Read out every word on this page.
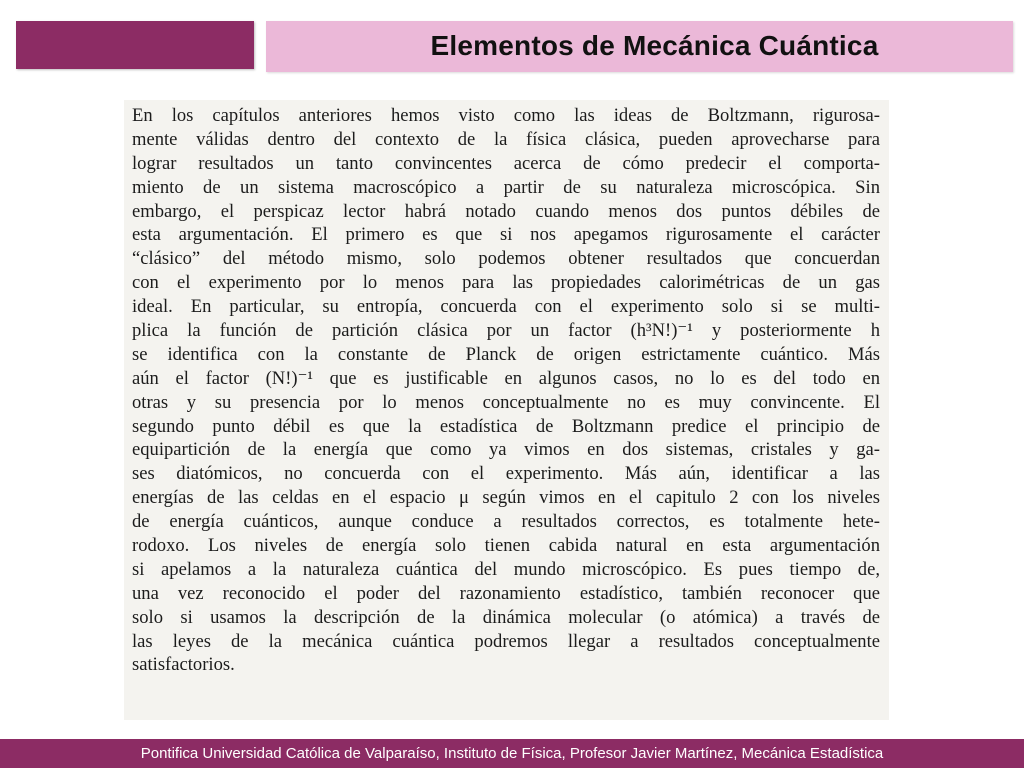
Elementos de Mecánica Cuántica
En los capítulos anteriores hemos visto como las ideas de Boltzmann, rigurosa-
mente válidas dentro del contexto de la física clásica, pueden aprovecharse para
lograr resultados un tanto convincentes acerca de cómo predecir el comporta-
miento de un sistema macroscópico a partir de su naturaleza microscópica. Sin
embargo, el perspicaz lector habrá notado cuando menos dos puntos débiles de
esta argumentación. El primero es que si nos apegamos rigurosamente el carácter
“clásico” del método mismo, solo podemos obtener resultados que concuerdan
con el experimento por lo menos para las propiedades calorimétricas de un gas
ideal. En particular, su entropía, concuerda con el experimento solo si se multi-
plica la función de partición clásica por un factor (h³N!)⁻¹ y posteriormente h
se identifica con la constante de Planck de origen estrictamente cuántico. Más
aún el factor (N!)⁻¹ que es justificable en algunos casos, no lo es del todo en
otras y su presencia por lo menos conceptualmente no es muy convincente. El
segundo punto débil es que la estadística de Boltzmann predice el principio de
equipartición de la energía que como ya vimos en dos sistemas, cristales y ga-
ses diatómicos, no concuerda con el experimento. Más aún, identificar a las
energías de las celdas en el espacio μ según vimos en el capitulo 2 con los niveles
de energía cuánticos, aunque conduce a resultados correctos, es totalmente hete-
rodoxo. Los niveles de energía solo tienen cabida natural en esta argumentación
si apelamos a la naturaleza cuántica del mundo microscópico. Es pues tiempo de,
una vez reconocido el poder del razonamiento estadístico, también reconocer que
solo si usamos la descripción de la dinámica molecular (o atómica) a través de
las leyes de la mecánica cuántica podremos llegar a resultados conceptualmente
satisfactorios.
Pontifica Universidad Católica de Valparaíso, Instituto de Física, Profesor Javier Martínez, Mecánica Estadística
